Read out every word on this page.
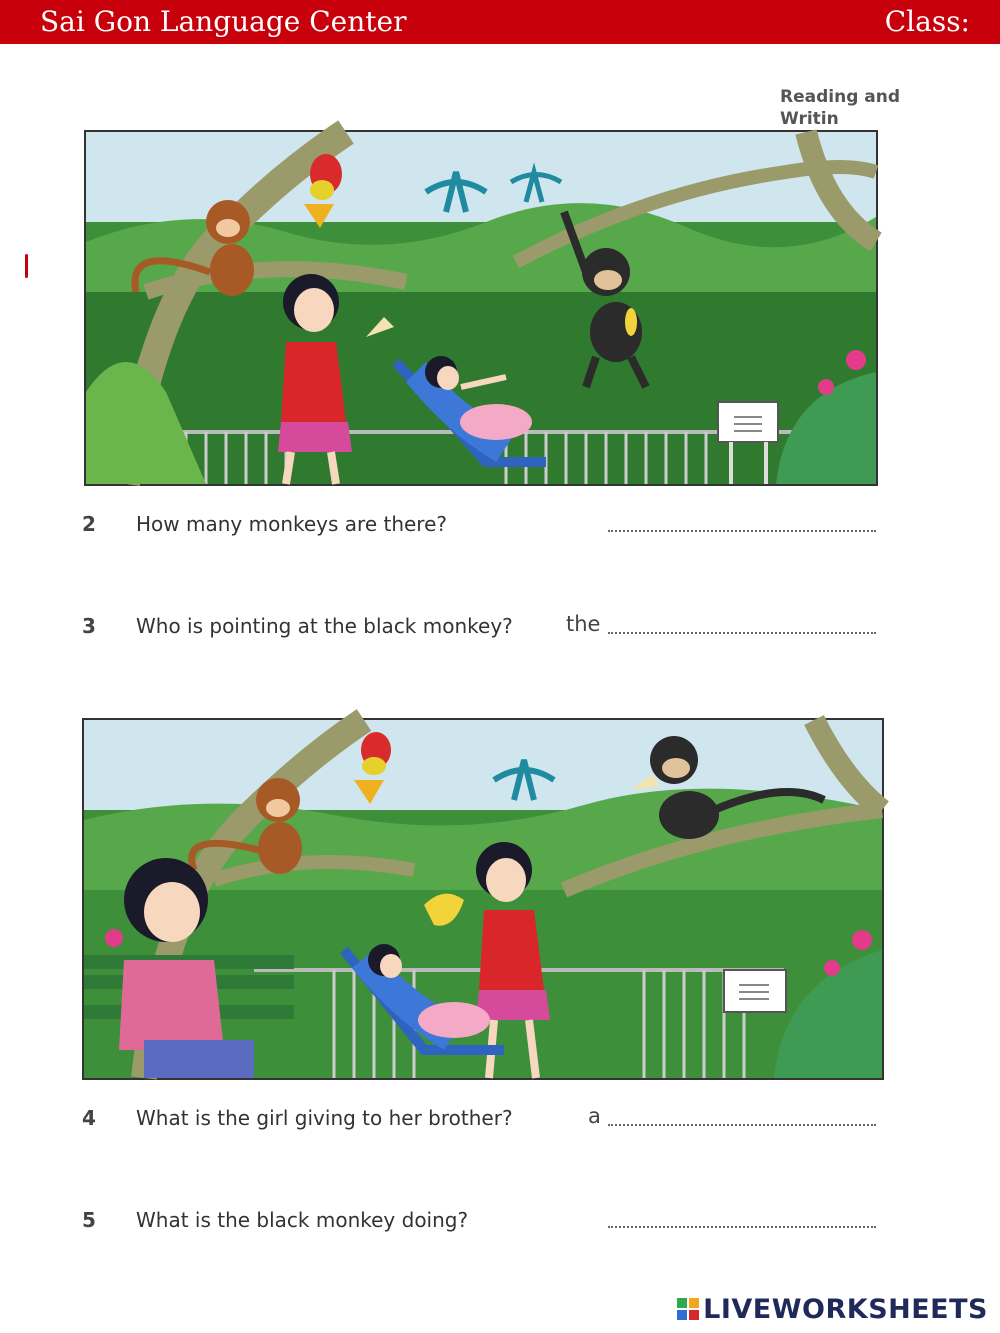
Sai Gon Language Center	Class:
Reading and Writin
2 How many monkeys are there?
3 Who is pointing at the black monkey?	the
4 What is the girl giving to her brother?	a
5 What is the black monkey doing?
LIVEWORKSHEETS
